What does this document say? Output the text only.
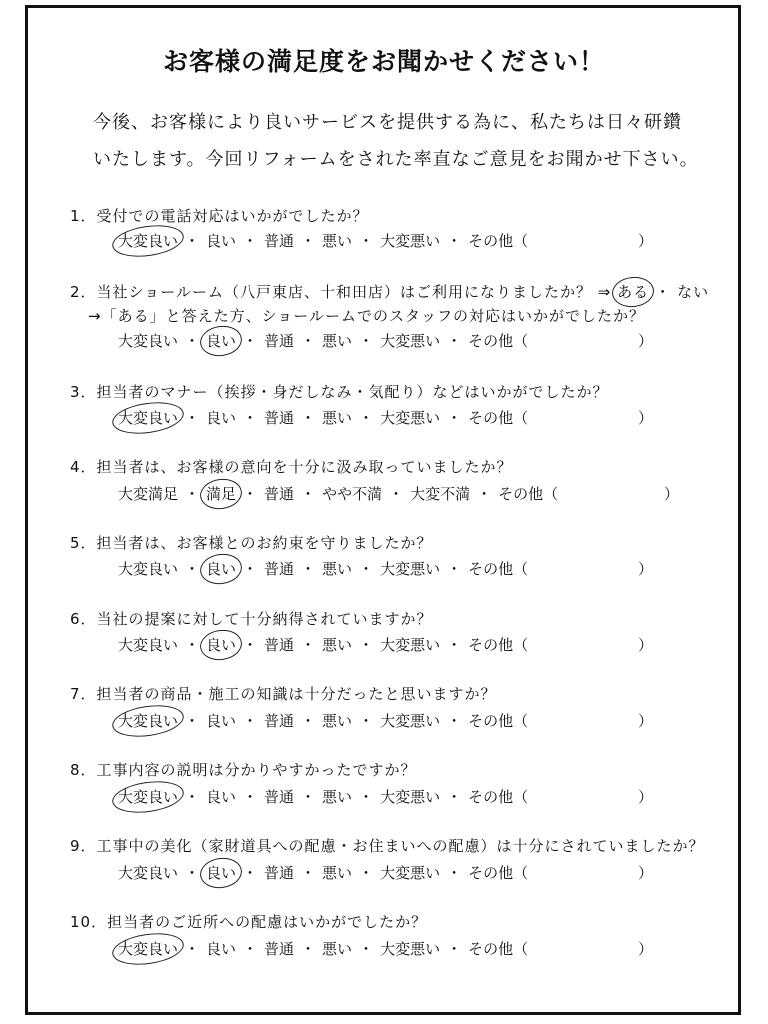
お客様の満足度をお聞かせください！
今後、お客様により良いサービスを提供する為に、私たちは日々研鑽
いたします。今回リフォームをされた率直なご意見をお聞かせ下さい。
1．受付での電話対応はいかがでしたか？
大変良い ・ 良い ・ 普通 ・ 悪い ・ 大変悪い ・ その他（	）
2．当社ショールーム（八戸東店、十和田店）はご利用になりましたか？ ⇒ ある ・ ない
→「ある」と答えた方、ショールームでのスタッフの対応はいかがでしたか？
大変良い ・ 良い ・ 普通 ・ 悪い ・ 大変悪い ・ その他（	）
3．担当者のマナー（挨拶・身だしなみ・気配り）などはいかがでしたか？
大変良い ・ 良い ・ 普通 ・ 悪い ・ 大変悪い ・ その他（	）
4．担当者は、お客様の意向を十分に汲み取っていましたか？
大変満足 ・ 満足 ・ 普通 ・ やや不満 ・ 大変不満 ・ その他（	）
5．担当者は、お客様とのお約束を守りましたか？
大変良い ・ 良い ・ 普通 ・ 悪い ・ 大変悪い ・ その他（	）
6．当社の提案に対して十分納得されていますか？
大変良い ・ 良い ・ 普通 ・ 悪い ・ 大変悪い ・ その他（	）
7．担当者の商品・施工の知識は十分だったと思いますか？
大変良い ・ 良い ・ 普通 ・ 悪い ・ 大変悪い ・ その他（	）
8．工事内容の説明は分かりやすかったですか？
大変良い ・ 良い ・ 普通 ・ 悪い ・ 大変悪い ・ その他（	）
9．工事中の美化（家財道具への配慮・お住まいへの配慮）は十分にされていましたか？
大変良い ・ 良い ・ 普通 ・ 悪い ・ 大変悪い ・ その他（	）
10．担当者のご近所への配慮はいかがでしたか？
大変良い ・ 良い ・ 普通 ・ 悪い ・ 大変悪い ・ その他（	）
